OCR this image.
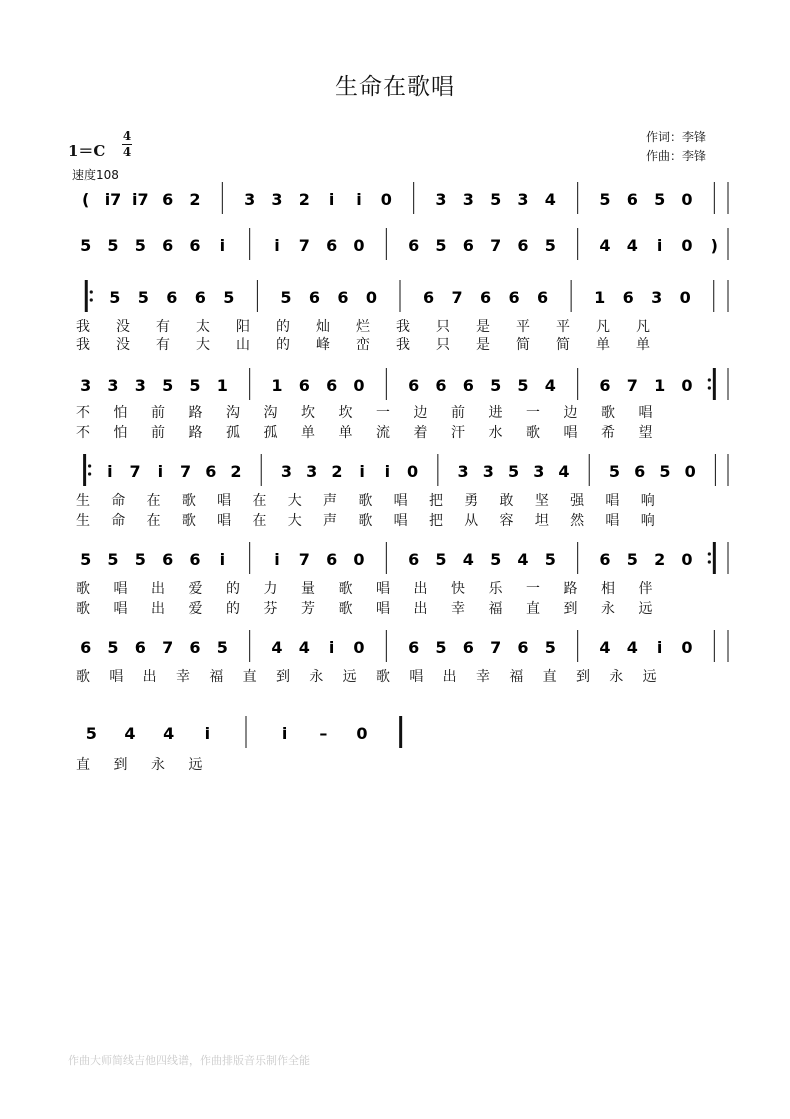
生命在歌唱
1＝C
4
4
速度108
作词：李锋
作曲：李锋
( i7 i7 6 2	3 3 2 i i 0	3 3 5 3 4	5 6 5 0
5 5 5 6 6 i	i 7 6 0	6 5 6 7 6 5	4 4 i 0 )
5 5 6 6 5	5 6 6 0	6 7 6 6 6	1 6 3 0
3 3 3 5 5 1	1 6 6 0	6 6 6 5 5 4	6 7 1 0
i 7 i 7 6 2 3 3 2 i i 0 3 3 5 3 4 5 6 5 0
5 5 5 6 6 i	i 7 6 0	6 5 4 5 4 5	6 5 2 0
6 5 6 7 6 5	4 4 i 0	6 5 6 7 6 5	4 4 i 0
5 4 4 i	i – 0
作曲大师简线吉他四线谱，作曲排版音乐制作全能
我 没 有 太 阳 的 灿 烂 我 只 是 平 平 凡 凡
我 没 有 大 山 的 峰 峦 我 只 是 简 简 单 单
不 怕 前 路 沟 沟 坎 坎 一 边 前 进 一 边 歌 唱
不 怕 前 路 孤 孤 单 单 流 着 汗 水 歌 唱 希 望
生 命 在 歌 唱 在 大 声 歌 唱 把 勇 敢 坚 强 唱 响
生 命 在 歌 唱 在 大 声 歌 唱 把 从 容 坦 然 唱 响
歌 唱 出 爱 的 力 量 歌 唱 出 快 乐 一 路 相 伴
歌 唱 出 爱 的 芬 芳 歌 唱 出 幸 福 直 到 永 远
歌 唱 出 幸 福 直 到 永 远 歌 唱 出 幸 福 直 到 永 远
直 到 永 远
